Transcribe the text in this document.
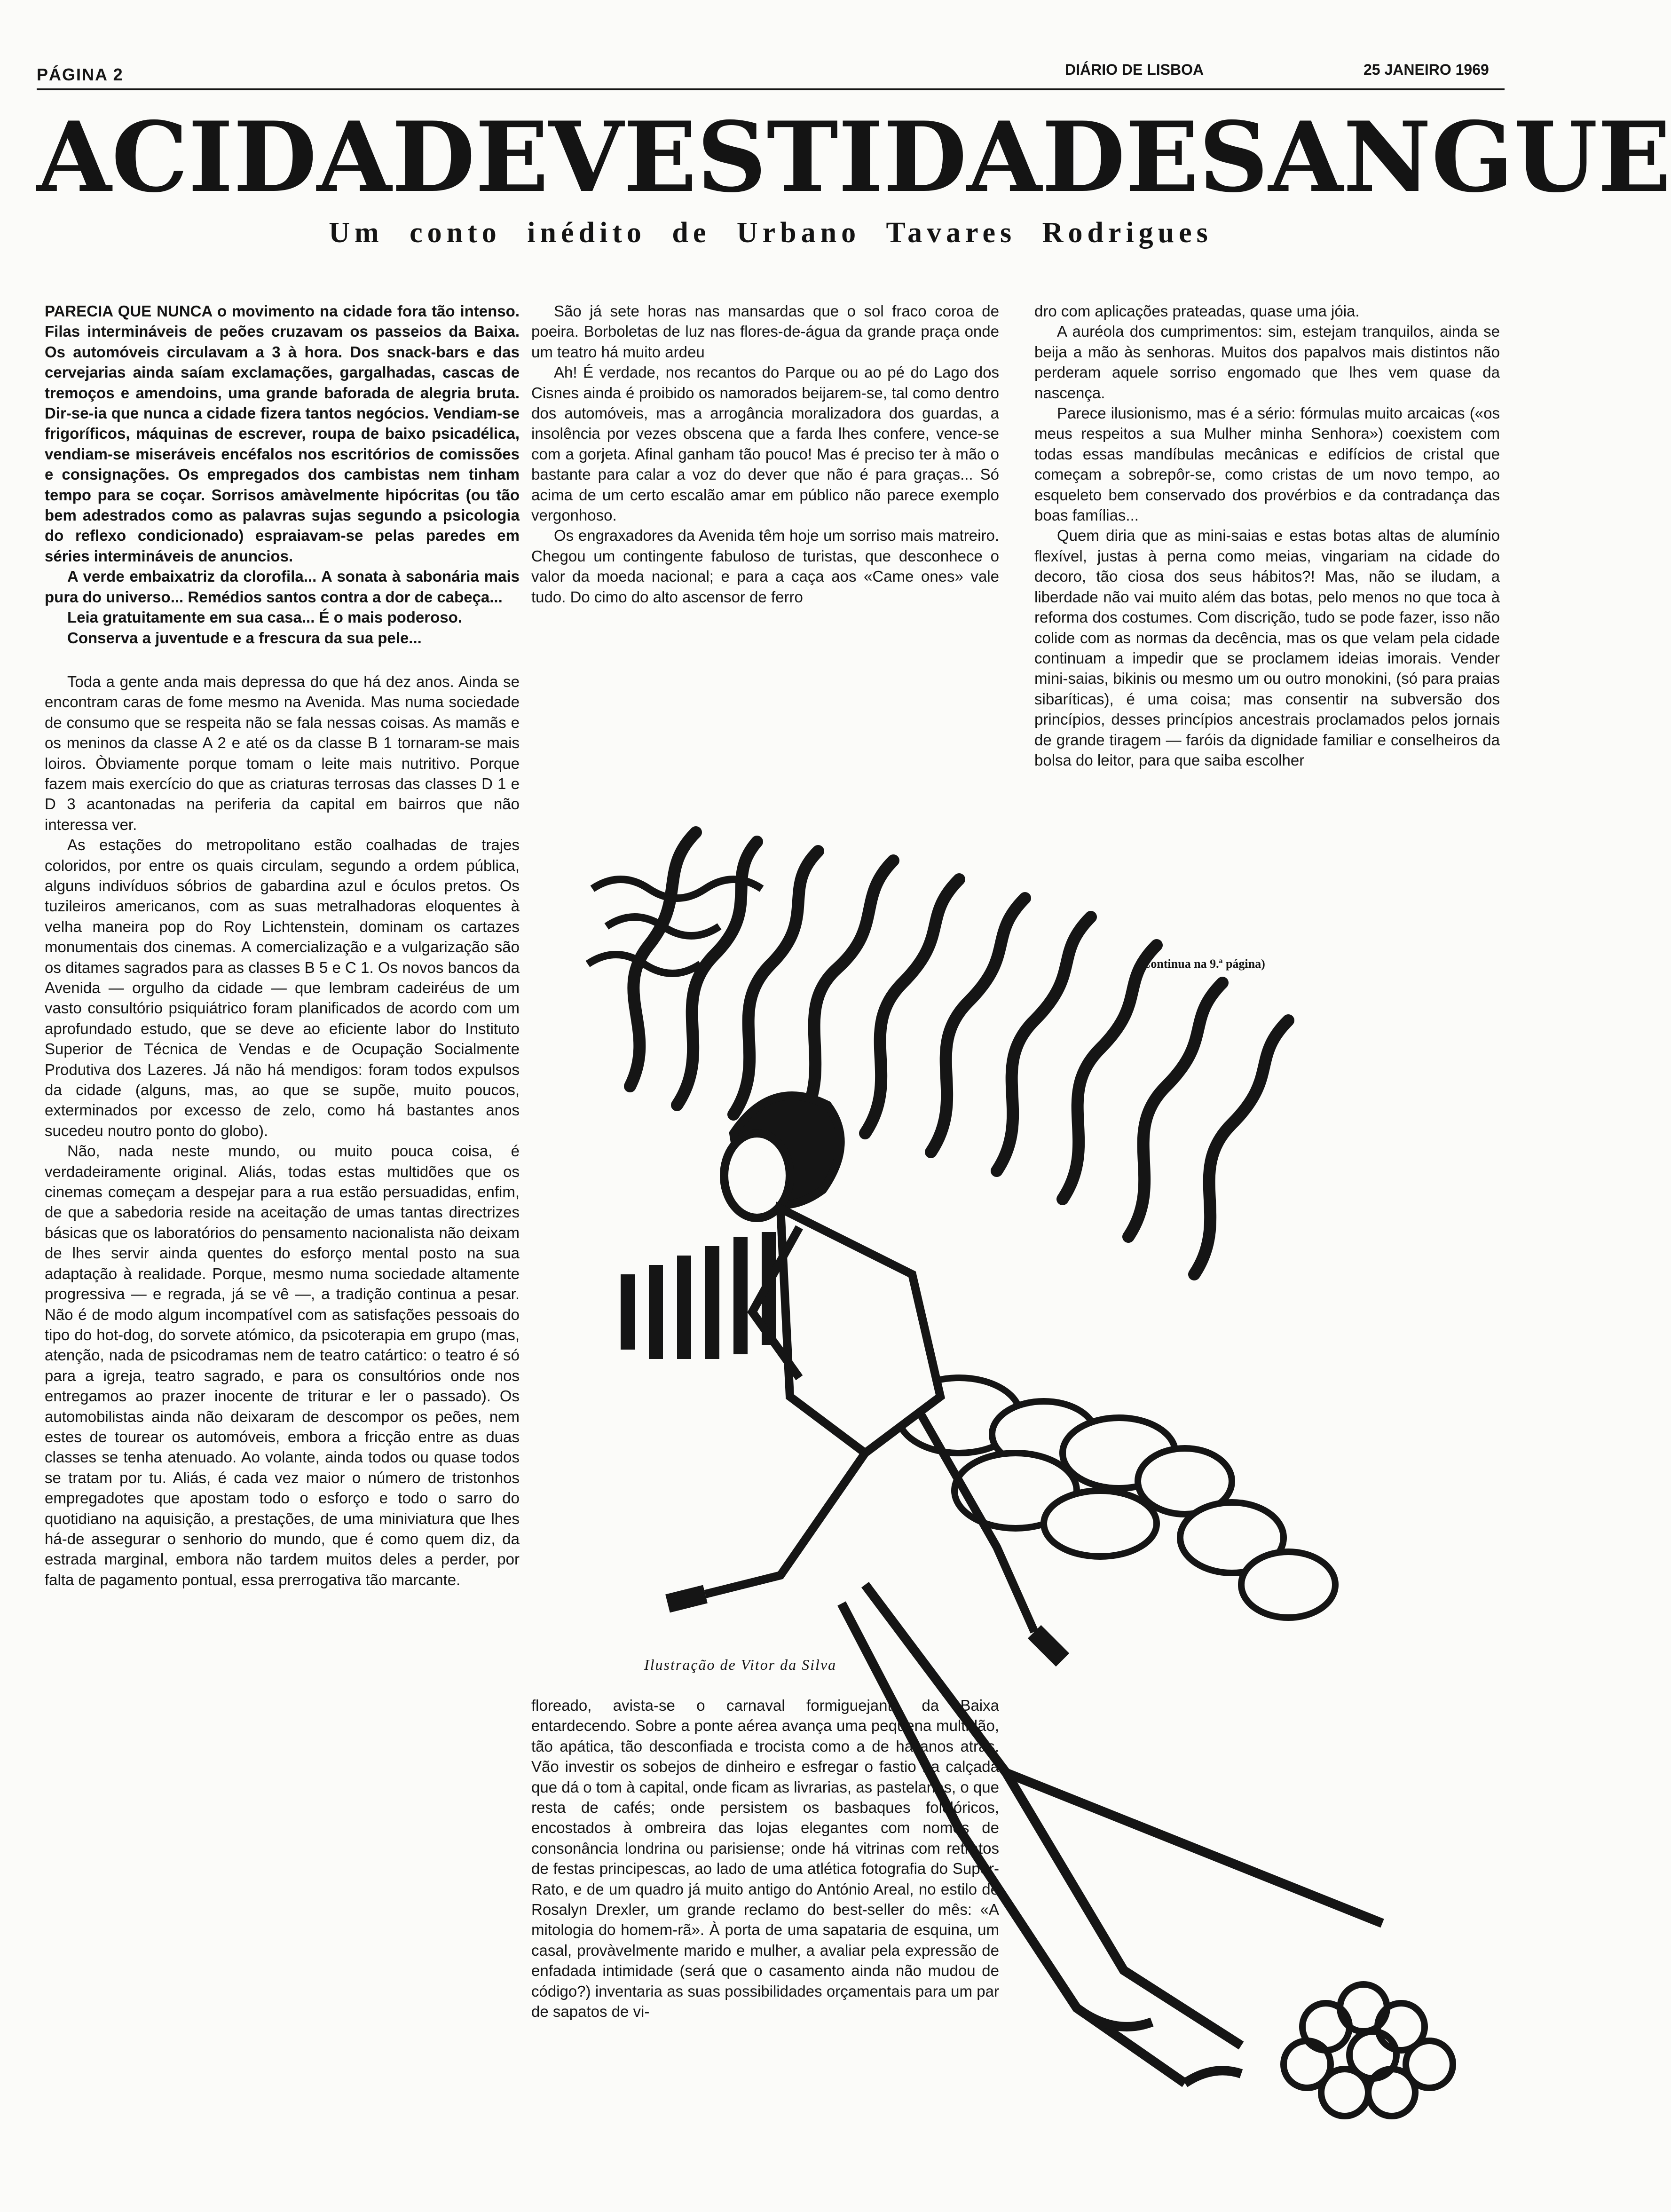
PÁGINA 2	DIÁRIO DE LISBOA	25 JANEIRO 1969
A CIDADE VESTIDA DE SANGUE
Um conto inédito de Urbano Tavares Rodrigues

PARECIA QUE NUNCA o movimento na cidade fora tão intenso. Filas intermináveis de peões cruzavam os passeios da Baixa. Os automóveis circulavam a 3 à hora. Dos snack-bars e das cervejarias ainda saíam exclamações, gargalhadas, cascas de tremoços e amendoins, uma grande baforada de alegria bruta. Dir-se-ia que nunca a cidade fizera tantos negócios. Vendiam-se frigoríficos, máquinas de escrever, roupa de baixo psicadélica, vendiam-se miseráveis encéfalos nos escritórios de comissões e consignações. Os empregados dos cambistas nem tinham tempo para se coçar. Sorrisos amàvelmente hipócritas (ou tão bem adestrados como as palavras sujas segundo a psicologia do reflexo condicionado) espraiavam-se pelas paredes em séries intermináveis de anuncios.

A verde embaixatriz da clorofila... A sonata à sabonária mais pura do universo... Remédios santos contra a dor de cabeça...

Leia gratuitamente em sua casa... É o mais poderoso.

Conserva a juventude e a frescura da sua pele...

Toda a gente anda mais depressa do que há dez anos. Ainda se encontram caras de fome mesmo na Avenida. Mas numa sociedade de consumo que se respeita não se fala nessas coisas. As mamãs e os meninos da classe A 2 e até os da classe B 1 tornaram-se mais loiros. Òbviamente porque tomam o leite mais nutritivo. Porque fazem mais exercício do que as criaturas terrosas das classes D 1 e D 3 acantonadas na periferia da capital em bairros que não interessa ver.

As estações do metropolitano estão coalhadas de trajes coloridos, por entre os quais circulam, segundo a ordem pública, alguns indivíduos sóbrios de gabardina azul e óculos pretos. Os tuzileiros americanos, com as suas metralhadoras eloquentes à velha maneira pop do Roy Lichtenstein, dominam os cartazes monumentais dos cinemas. A comercialização e a vulgarização são os ditames sagrados para as classes B 5 e C 1. Os novos bancos da Avenida — orgulho da cidade — que lembram cadeiréus de um vasto consultório psiquiátrico foram planificados de acordo com um aprofundado estudo, que se deve ao eficiente labor do Instituto Superior de Técnica de Vendas e de Ocupação Socialmente Produtiva dos Lazeres. Já não há mendigos: foram todos expulsos da cidade (alguns, mas, ao que se supõe, muito poucos, exterminados por excesso de zelo, como há bastantes anos sucedeu noutro ponto do globo).

Não, nada neste mundo, ou muito pouca coisa, é verdadeiramente original. Aliás, todas estas multidões que os cinemas começam a despejar para a rua estão persuadidas, enfim, de que a sabedoria reside na aceitação de umas tantas directrizes básicas que os laboratórios do pensamento nacionalista não deixam de lhes servir ainda quentes do esforço mental posto na sua adaptação à realidade. Porque, mesmo numa sociedade altamente progressiva — e regrada, já se vê —, a tradição continua a pesar. Não é de modo algum incompatível com as satisfações pessoais do tipo do hot-dog, do sorvete atómico, da psicoterapia em grupo (mas, atenção, nada de psicodramas nem de teatro catártico: o teatro é só para a igreja, teatro sagrado, e para os consultórios onde nos entregamos ao prazer inocente de triturar e ler o passado). Os automobilistas ainda não deixaram de descompor os peões, nem estes de tourear os automóveis, embora a fricção entre as duas classes se tenha atenuado. Ao volante, ainda todos ou quase todos se tratam por tu. Aliás, é cada vez maior o número de tristonhos empregadotes que apostam todo o esforço e todo o sarro do quotidiano na aquisição, a prestações, de uma miniviatura que lhes há-de assegurar o senhorio do mundo, que é como quem diz, da estrada marginal, embora não tardem muitos deles a perder, por falta de pagamento pontual, essa prerrogativa tão marcante.

São já sete horas nas mansardas que o sol fraco coroa de poeira. Borboletas de luz nas flores-de-água da grande praça onde um teatro há muito ardeu

Ah! É verdade, nos recantos do Parque ou ao pé do Lago dos Cisnes ainda é proibido os namorados beijarem-se, tal como dentro dos automóveis, mas a arrogância moralizadora dos guardas, a insolência por vezes obscena que a farda lhes confere, vence-se com a gorjeta. Afinal ganham tão pouco! Mas é preciso ter à mão o bastante para calar a voz do dever que não é para graças... Só acima de um certo escalão amar em público não parece exemplo vergonhoso.

Os engraxadores da Avenida têm hoje um sorriso mais matreiro. Chegou um contingente fabuloso de turistas, que desconhece o valor da moeda nacional; e para a caça aos «Came ones» vale tudo. Do cimo do alto ascensor de ferro

dro com aplicações prateadas, quase uma jóia.

A auréola dos cumprimentos: sim, estejam tranquilos, ainda se beija a mão às senhoras. Muitos dos papalvos mais distintos não perderam aquele sorriso engomado que lhes vem quase da nascença.

Parece ilusionismo, mas é a sério: fórmulas muito arcaicas («os meus respeitos a sua Mulher minha Senhora») coexistem com todas essas mandíbulas mecânicas e edifícios de cristal que começam a sobrepôr-se, como cristas de um novo tempo, ao esqueleto bem conservado dos provérbios e da contradança das boas famílias...

Quem diria que as mini-saias e estas botas altas de alumínio flexível, justas à perna como meias, vingariam na cidade do decoro, tão ciosa dos seus hábitos?! Mas, não se iludam, a liberdade não vai muito além das botas, pelo menos no que toca à reforma dos costumes. Com discrição, tudo se pode fazer, isso não colide com as normas da decência, mas os que velam pela cidade continuam a impedir que se proclamem ideias imorais. Vender mini-saias, bikinis ou mesmo um ou outro monokini, (só para praias sibaríticas), é uma coisa; mas consentir na subversão dos princípios, desses princípios ancestrais proclamados pelos jornais de grande tiragem — faróis da dignidade familiar e conselheiros da bolsa do leitor, para que saiba escolher

(Continua na 9.ª página)
Ilustração de Vitor da Silva

floreado, avista-se o carnaval formiguejante da Baixa entardecendo. Sobre a ponte aérea avança uma pequena multidão, tão apática, tão desconfiada e trocista como a de há anos atrás. Vão investir os sobejos de dinheiro e esfregar o fastio na calçada que dá o tom à capital, onde ficam as livrarias, as pastelarias, o que resta de cafés; onde persistem os basbaques folclóricos, encostados à ombreira das lojas elegantes com nomes de consonância londrina ou parisiense; onde há vitrinas com retratos de festas principescas, ao lado de uma atlética fotografia do Super-Rato, e de um quadro já muito antigo do António Areal, no estilo de Rosalyn Drexler, um grande reclamo do best-seller do mês: «A mitologia do homem-rã». À porta de uma sapataria de esquina, um casal, provàvelmente marido e mulher, a avaliar pela expressão de enfadada intimidade (será que o casamento ainda não mudou de código?) inventaria as suas possibilidades orçamentais para um par de sapatos de vi-
